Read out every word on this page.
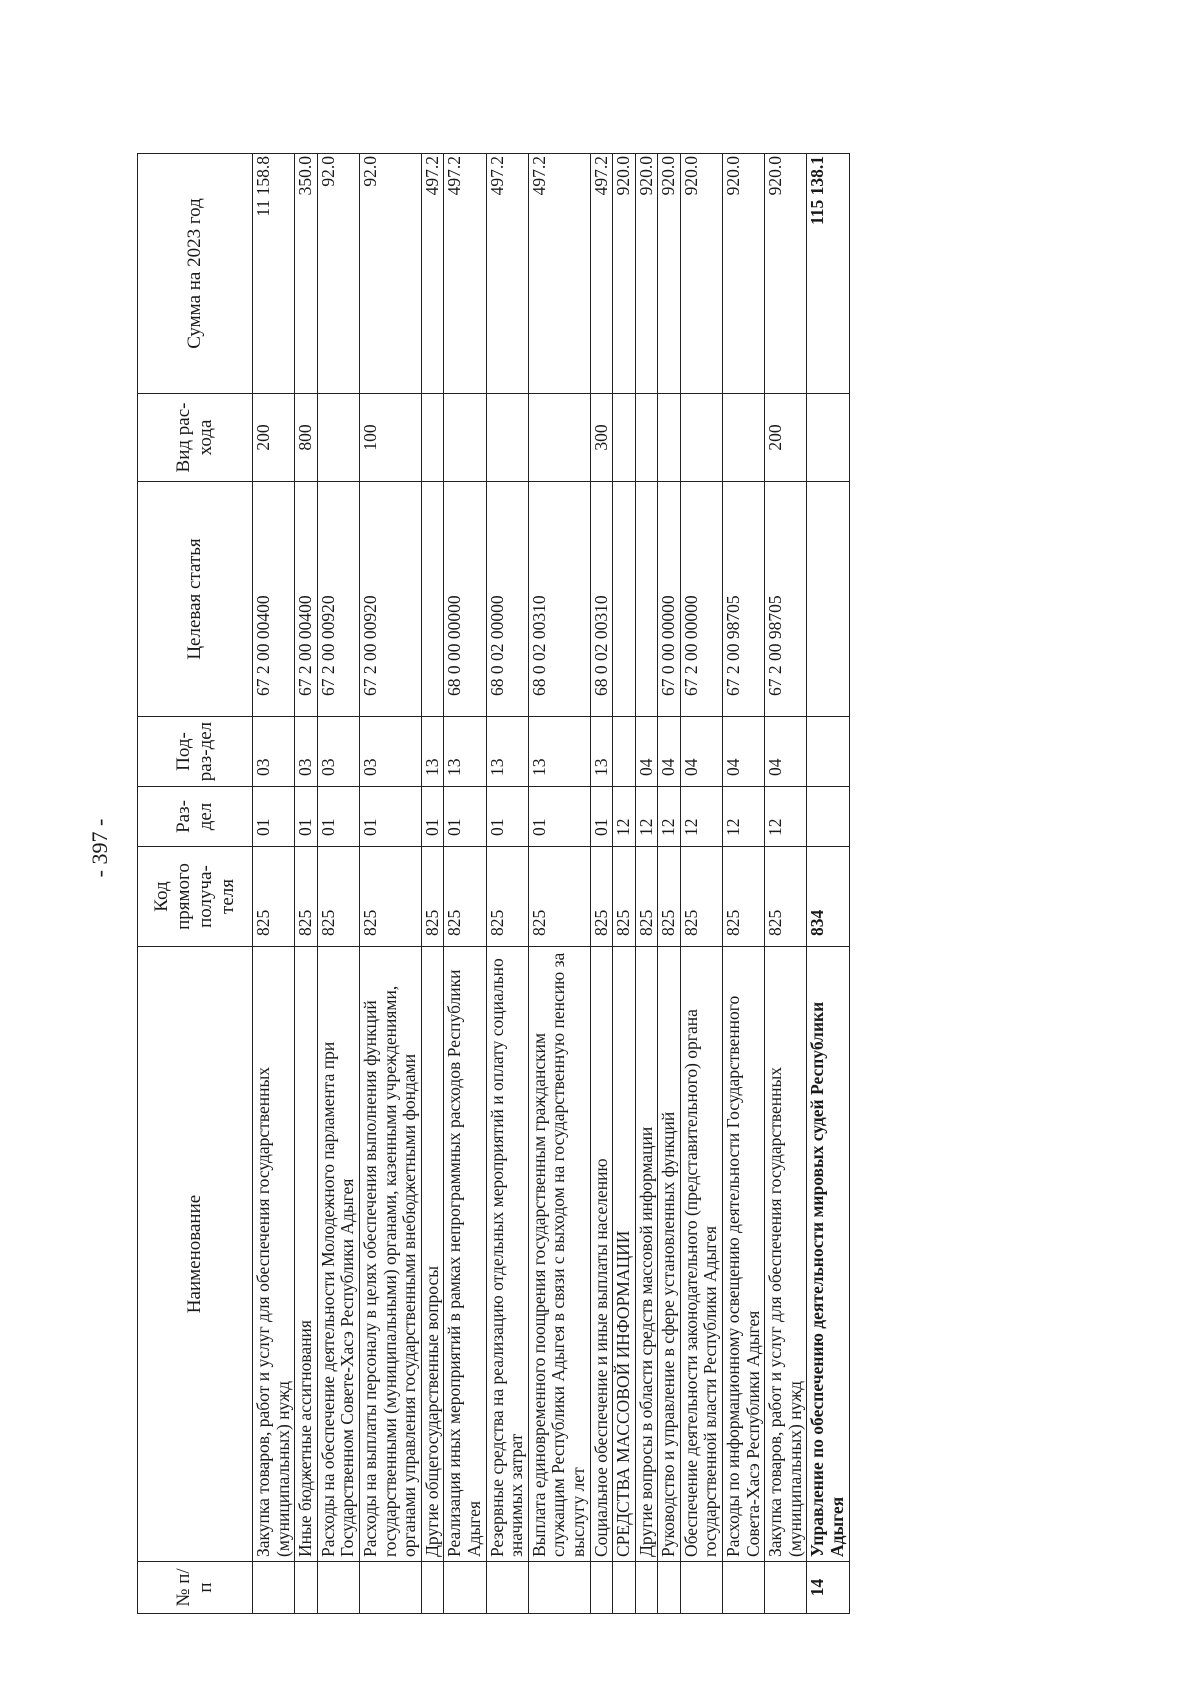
- 397 -
№ п/п	Наименование	Код прямого получа-теля	Раз-дел	Под-раз-дел	Целевая статья	Вид рас-хода	Сумма на 2023 год
	Закупка товаров, работ и услуг для обеспечения государственных (муниципальных) нужд	825	01	03	67 2 00 00400	200	11 158.8
	Иные бюджетные ассигнования	825	01	03	67 2 00 00400	800	350.0
	Расходы на обеспечение деятельности Молодежного парламента при Государственном Совете-Хасэ Республики Адыгея	825	01	03	67 2 00 00920		92.0
	Расходы на выплаты персоналу в целях обеспечения выполнения функций государственными (муниципальными) органами, казенными учреждениями, органами управления государственными внебюджетными фондами	825	01	03	67 2 00 00920	100	92.0
	Другие общегосударственные вопросы	825	01	13			497.2
	Реализация иных мероприятий в рамках непрограммных расходов Республики Адыгея	825	01	13	68 0 00 00000		497.2
	Резервные средства на реализацию отдельных мероприятий и оплату социально значимых затрат	825	01	13	68 0 02 00000		497.2
	Выплата единовременного поощрения государственным гражданским служащим Республики Адыгея в связи с выходом на государственную пенсию за выслугу лет	825	01	13	68 0 02 00310		497.2
	Социальное обеспечение и иные выплаты населению	825	01	13	68 0 02 00310	300	497.2
	СРЕДСТВА МАССОВОЙ ИНФОРМАЦИИ	825	12				920.0
	Другие вопросы в области средств массовой информации	825	12	04			920.0
	Руководство и управление в сфере установленных функций	825	12	04	67 0 00 00000		920.0
	Обеспечение деятельности законодательного (представительного) органа государственной власти Республики Адыгея	825	12	04	67 2 00 00000		920.0
	Расходы по информационному освещению деятельности Государственного Совета-Хасэ Республики Адыгея	825	12	04	67 2 00 98705		920.0
	Закупка товаров, работ и услуг для обеспечения государственных (муниципальных) нужд	825	12	04	67 2 00 98705	200	920.0
14	Управление по обеспечению деятельности мировых судей Республики Адыгея	834					115 138.1
